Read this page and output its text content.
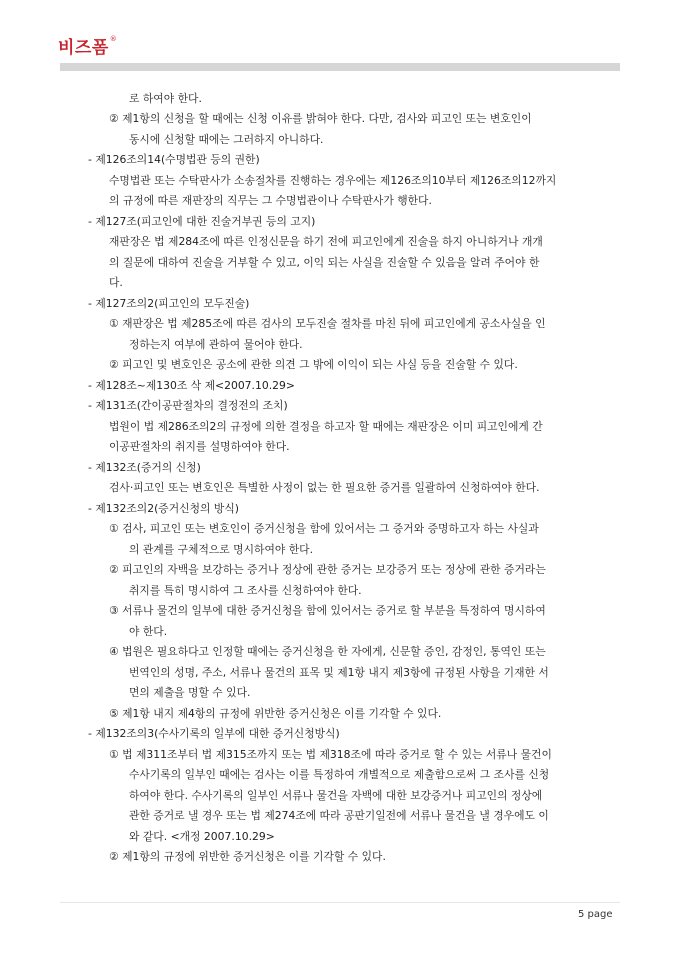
비즈폼 ®
로 하여야 한다.
② 제1항의 신청을 할 때에는 신청 이유를 밝혀야 한다. 다만, 검사와 피고인 또는 변호인이
동시에 신청할 때에는 그러하지 아니하다.
- 제126조의14(수명법관 등의 권한)
수명법관 또는 수탁판사가 소송절차를 진행하는 경우에는 제126조의10부터 제126조의12까지
의 규정에 따른 재판장의 직무는 그 수명법관이나 수탁판사가 행한다.
- 제127조(피고인에 대한 진술거부권 등의 고지)
재판장은 법 제284조에 따른 인정신문을 하기 전에 피고인에게 진술을 하지 아니하거나 개개
의 질문에 대하여 진술을 거부할 수 있고, 이익 되는 사실을 진술할 수 있음을 알려 주어야 한
다.
- 제127조의2(피고인의 모두진술)
① 재판장은 법 제285조에 따른 검사의 모두진술 절차를 마친 뒤에 피고인에게 공소사실을 인
정하는지 여부에 관하여 물어야 한다.
② 피고인 및 변호인은 공소에 관한 의견 그 밖에 이익이 되는 사실 등을 진술할 수 있다.
- 제128조~제130조 삭 제<2007.10.29>
- 제131조(간이공판절차의 결정전의 조치)
법원이 법 제286조의2의 규정에 의한 결정을 하고자 할 때에는 재판장은 이미 피고인에게 간
이공판절차의 취지를 설명하여야 한다.
- 제132조(증거의 신청)
검사·피고인 또는 변호인은 특별한 사정이 없는 한 필요한 증거를 일괄하여 신청하여야 한다.
- 제132조의2(증거신청의 방식)
① 검사, 피고인 또는 변호인이 증거신청을 함에 있어서는 그 증거와 증명하고자 하는 사실과
의 관계를 구체적으로 명시하여야 한다.
② 피고인의 자백을 보강하는 증거나 정상에 관한 증거는 보강증거 또는 정상에 관한 증거라는
취지를 특히 명시하여 그 조사를 신청하여야 한다.
③ 서류나 물건의 일부에 대한 증거신청을 함에 있어서는 증거로 할 부분을 특정하여 명시하여
야 한다.
④ 법원은 필요하다고 인정할 때에는 증거신청을 한 자에게, 신문할 증인, 감정인, 통역인 또는
번역인의 성명, 주소, 서류나 물건의 표목 및 제1항 내지 제3항에 규정된 사항을 기재한 서
면의 제출을 명할 수 있다.
⑤ 제1항 내지 제4항의 규정에 위반한 증거신청은 이를 기각할 수 있다.
- 제132조의3(수사기록의 일부에 대한 증거신청방식)
① 법 제311조부터 법 제315조까지 또는 법 제318조에 따라 증거로 할 수 있는 서류나 물건이
수사기록의 일부인 때에는 검사는 이를 특정하여 개별적으로 제출함으로써 그 조사를 신청
하여야 한다. 수사기록의 일부인 서류나 물건을 자백에 대한 보강증거나 피고인의 정상에
관한 증거로 낼 경우 또는 법 제274조에 따라 공판기일전에 서류나 물건을 낼 경우에도 이
와 같다. <개정 2007.10.29>
② 제1항의 규정에 위반한 증거신청은 이를 기각할 수 있다.
5 page
